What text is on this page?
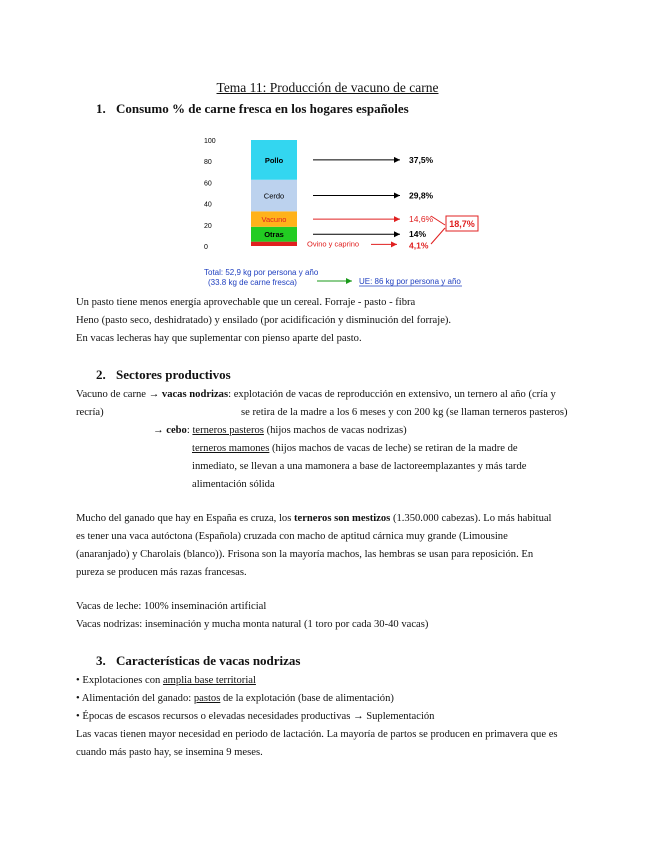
Tema 11: Producción de vacuno de carne
1. Consumo % de carne fresca en los hogares españoles
100
80
60
40
20
0	Ovino y caprino
Otras
Vacuno
Cerdo
Pollo
4,1%
14%
14,6%
29,8%
37,5%
18,7%
Total: 52,9 kg por persona y año
(33.8 kg de carne fresca)	UE: 86 kg por persona y año
Un pasto tiene menos energía aprovechable que un cereal. Forraje - pasto - fibra
Heno (pasto seco, deshidratado) y ensilado (por acidificación y disminución del forraje).
En vacas lecheras hay que suplementar con pienso aparte del pasto.
2. Sectores productivos
Vacuno de carne → vacas nodrizas: explotación de vacas de reproducción en extensivo, un ternero al año (cría y
recría)	se retira de la madre a los 6 meses y con 200 kg (se llaman terneros pasteros)
→ cebo: terneros pasteros (hijos machos de vacas nodrizas)
terneros mamones (hijos machos de vacas de leche) se retiran de la madre de
inmediato, se llevan a una mamonera a base de lactoreemplazantes y más tarde
alimentación sólida
Mucho del ganado que hay en España es cruza, los terneros son mestizos (1.350.000 cabezas). Lo más habitual
es tener una vaca autóctona (Española) cruzada con macho de aptitud cárnica muy grande (Limousine
(anaranjado) y Charolais (blanco)). Frisona son la mayoría machos, las hembras se usan para reposición. En
pureza se producen más razas francesas.
Vacas de leche: 100% inseminación artificial
Vacas nodrizas: inseminación y mucha monta natural (1 toro por cada 30-40 vacas)
3. Características de vacas nodrizas
• Explotaciones con amplia base territorial
• Alimentación del ganado: pastos de la explotación (base de alimentación)
• Épocas de escasos recursos o elevadas necesidades productivas → Suplementación
Las vacas tienen mayor necesidad en periodo de lactación. La mayoría de partos se producen en primavera que es
cuando más pasto hay, se insemina 9 meses.
